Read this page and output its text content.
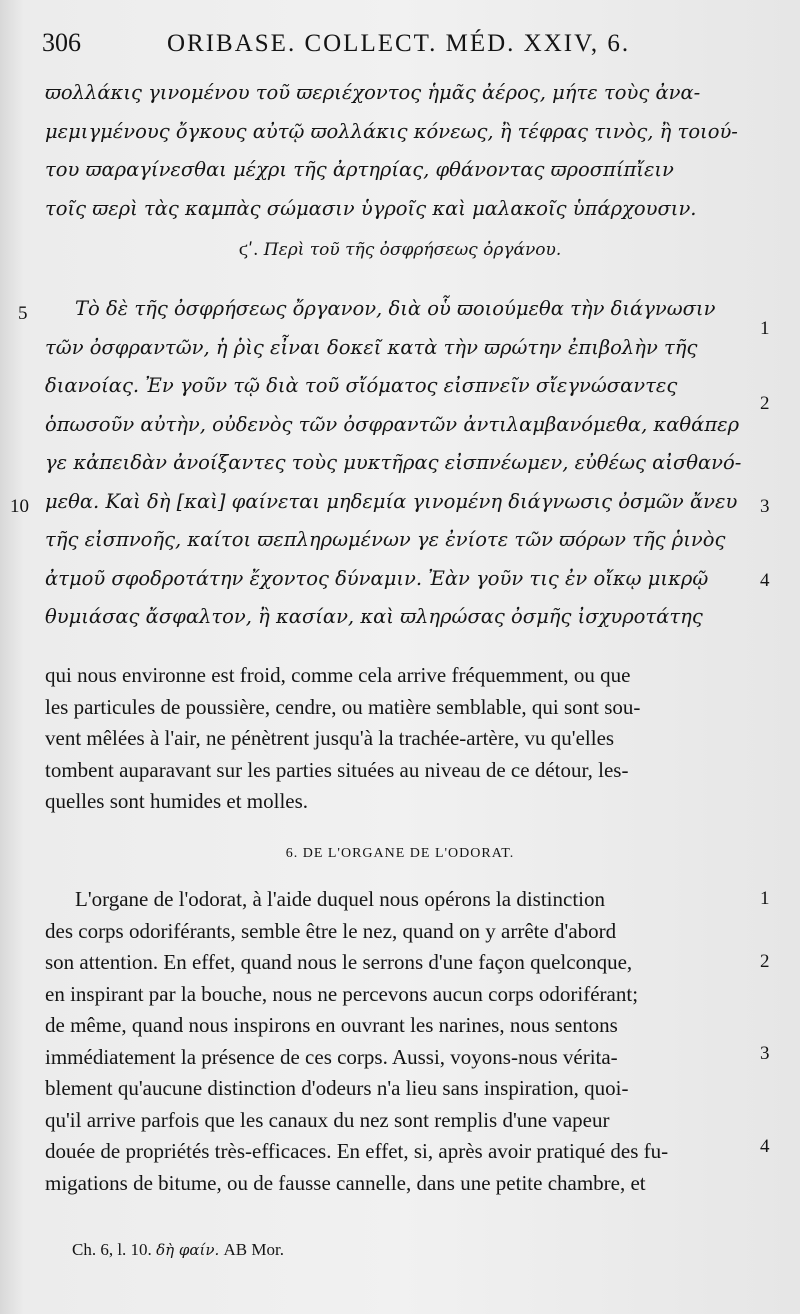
306	ORIBASE. COLLECT. MÉD. XXIV, 6.
ϖολλάκις γινομένου τοῦ ϖεριέχοντος ἡμᾶς ἀέρος, μήτε τοὺς ἀνα-
μεμιγμένους ὄγκους αὐτῷ ϖολλάκις κόνεως, ἢ τέφρας τινὸς, ἢ τοιού-
του ϖαραγίνεσθαι μέχρι τῆς ἀρτηρίας, φθάνοντας ϖροσπίπἴειν
τοῖς ϖερὶ τὰς καμπὰς σώμασιν ὑγροῖς καὶ μαλακοῖς ὑπάρχουσιν.
ϛʹ. Περὶ τοῦ τῆς ὀσφρήσεως ὀργάνου.
Τὸ δὲ τῆς ὀσφρήσεως ὄργανον, διὰ οὗ ϖοιούμεθα τὴν διάγνωσιν
τῶν ὀσφραντῶν, ἡ ῥὶς εἶναι δοκεῖ κατὰ τὴν ϖρώτην ἐπιβολὴν τῆς
διανοίας. Ἐν γοῦν τῷ διὰ τοῦ σἴόματος εἰσπνεῖν σἴεγνώσαντες
ὁπωσοῦν αὐτὴν, οὐδενὸς τῶν ὀσφραντῶν ἀντιλαμβανόμεθα, καθάπερ
γε κἀπειδὰν ἀνοίξαντες τοὺς μυκτῆρας εἰσπνέωμεν, εὐθέως αἰσθανό-
μεθα. Καὶ δὴ [καὶ] φαίνεται μηδεμία γινομένη διάγνωσις ὀσμῶν ἄνευ
τῆς εἰσπνοῆς, καίτοι ϖεπληρωμένων γε ἐνίοτε τῶν ϖόρων τῆς ῥινὸς
ἀτμοῦ σφοδροτάτην ἔχοντος δύναμιν. Ἐὰν γοῦν τις ἐν οἴκῳ μικρῷ
θυμιάσας ἄσφαλτον, ἢ κασίαν, καὶ ϖληρώσας ὀσμῆς ἰσχυροτάτης
5
10
1
2
3
4
qui nous environne est froid, comme cela arrive fréquemment, ou que
les particules de poussière, cendre, ou matière semblable, qui sont sou-
vent mêlées à l'air, ne pénètrent jusqu'à la trachée-artère, vu qu'elles
tombent auparavant sur les parties situées au niveau de ce détour, les-
quelles sont humides et molles.
6. DE L'ORGANE DE L'ODORAT.
L'organe de l'odorat, à l'aide duquel nous opérons la distinction
des corps odoriférants, semble être le nez, quand on y arrête d'abord
son attention. En effet, quand nous le serrons d'une façon quelconque,
en inspirant par la bouche, nous ne percevons aucun corps odoriférant;
de même, quand nous inspirons en ouvrant les narines, nous sentons
immédiatement la présence de ces corps. Aussi, voyons-nous vérita-
blement qu'aucune distinction d'odeurs n'a lieu sans inspiration, quoi-
qu'il arrive parfois que les canaux du nez sont remplis d'une vapeur
douée de propriétés très-efficaces. En effet, si, après avoir pratiqué des fu-
migations de bitume, ou de fausse cannelle, dans une petite chambre, et
1
2
3
4
Ch. 6, l. 10. δὴ φαίν. AB Mor.
